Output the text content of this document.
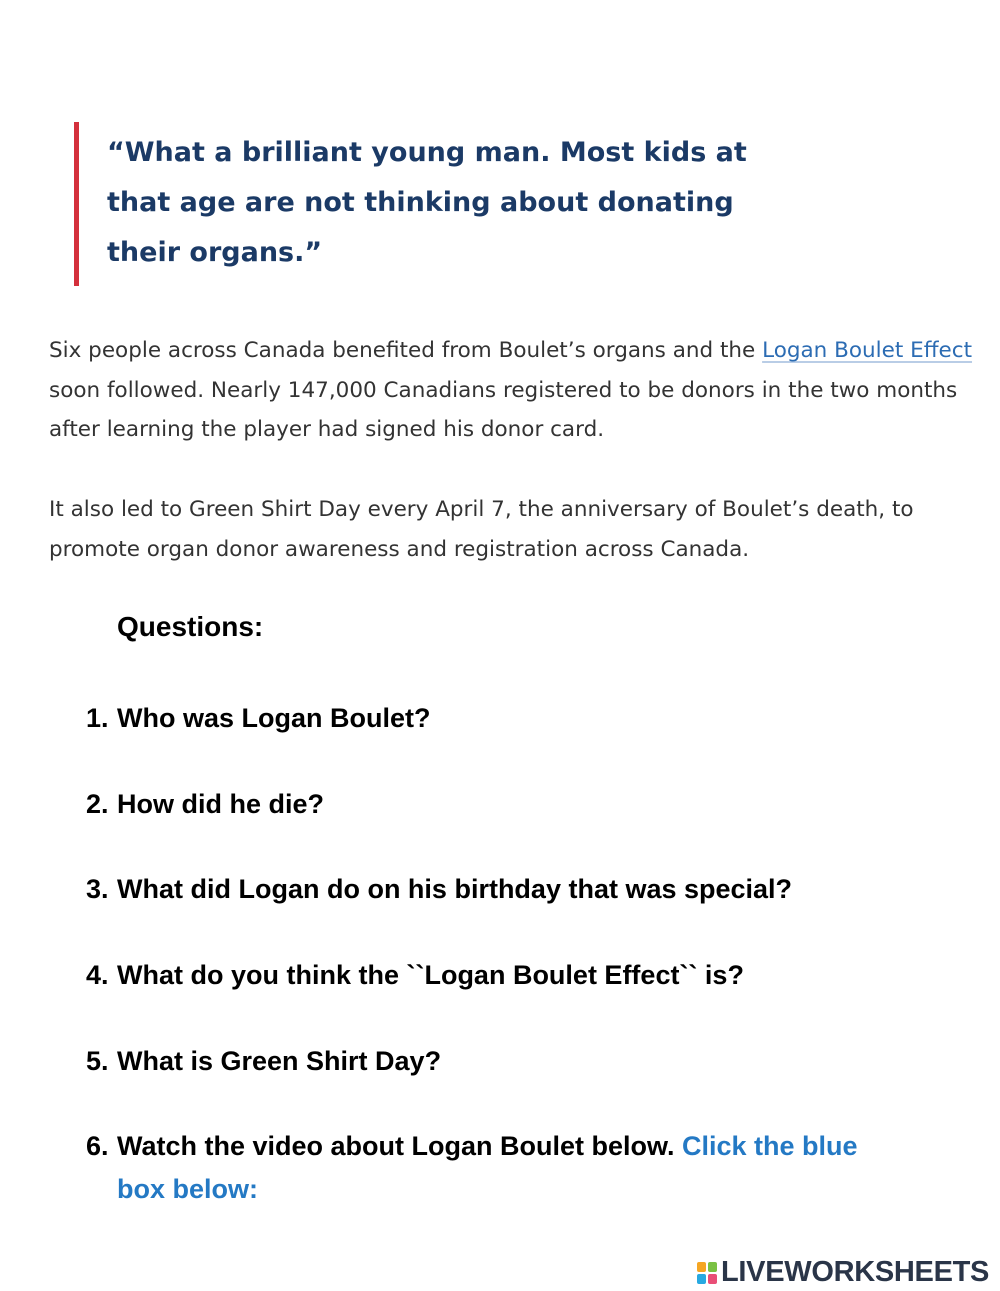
“What a brilliant young man. Most kids at that age are not thinking about donating their organs.”

Six people across Canada benefited from Boulet’s organs and the Logan Boulet Effect soon followed. Nearly 147,000 Canadians registered to be donors in the two months after learning the player had signed his donor card.

It also led to Green Shirt Day every April 7, the anniversary of Boulet’s death, to promote organ donor awareness and registration across Canada.

Questions:
1. Who was Logan Boulet?
2. How did he die?
3. What did Logan do on his birthday that was special?
4. What do you think the ``Logan Boulet Effect`` is?
5. What is Green Shirt Day?
6. Watch the video about Logan Boulet below. Click the blue box below:
LIVEWORKSHEETS
